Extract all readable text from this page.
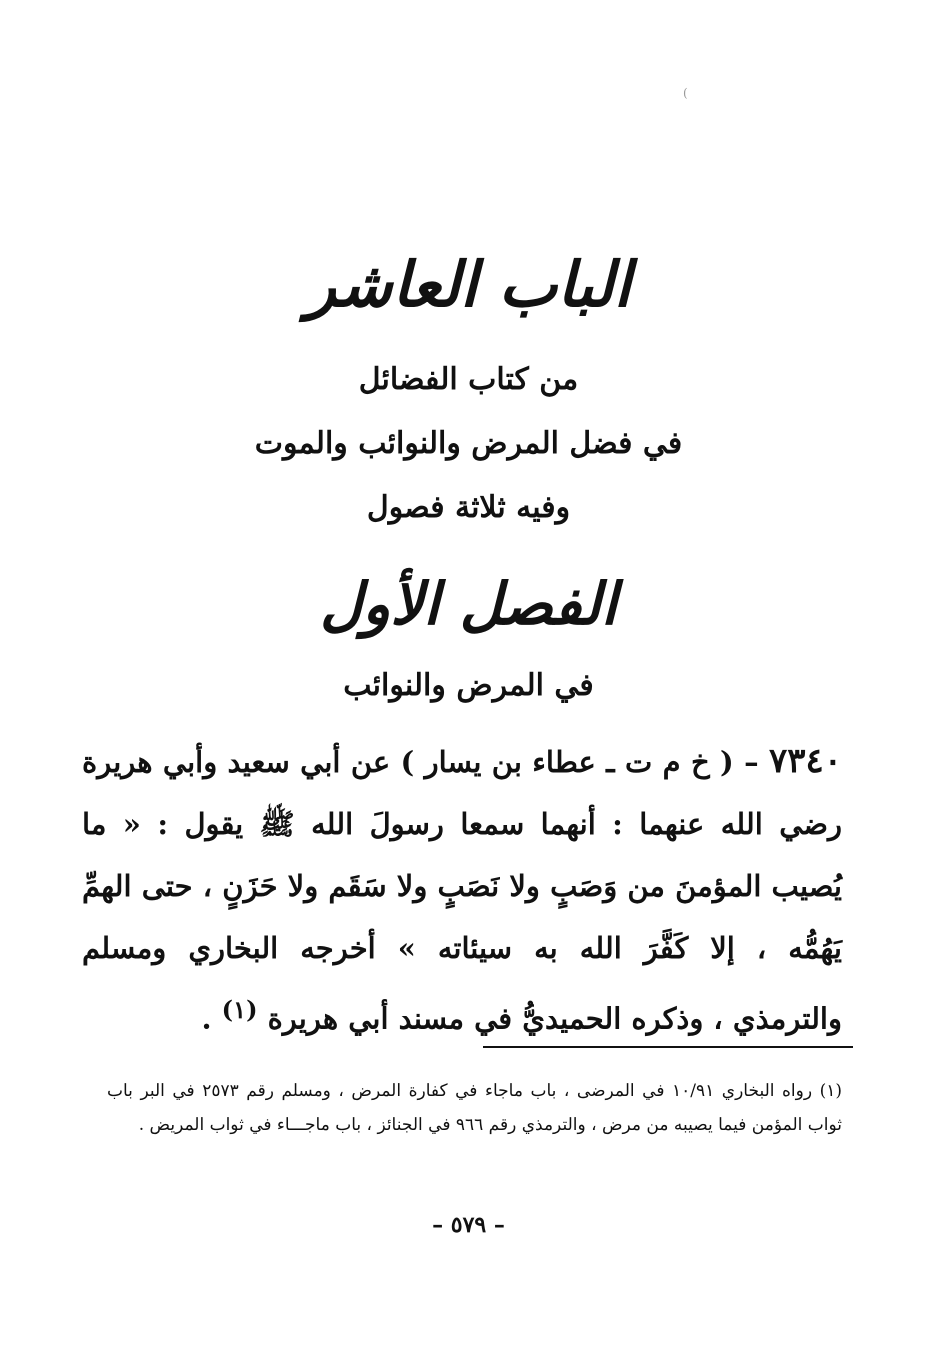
)
الباب العاشر
من كتاب الفضائل
في فضل المرض والنوائب والموت
وفيه ثلاثة فصول
الفصل الأول
في المرض والنوائب
٧٣٤٠ – ( خ م ت ـ عطاء بن يسار ) عن أبي سعيد وأبي هريرة رضي الله عنهما : أنهما سمعا رسولَ الله ﷺ يقول : « ما يُصيب المؤمنَ من وَصَبٍ ولا نَصَبٍ ولا سَقَم ولا حَزَنٍ ، حتى الهمِّ يَهُمُّه ، إلا كَفَّرَ الله به سيئاته » أخرجه البخاري ومسلم والترمذي ، وذكره الحميديُّ في مسند أبي هريرة $^{(١)}$ .
(١) رواه البخاري ١٠/٩١ في المرضى ، باب ماجاء في كفارة المرض ، ومسلم رقم ٢٥٧٣ في البر باب ثواب المؤمن فيما يصيبه من مرض ، والترمذي رقم ٩٦٦ في الجنائز ، باب ماجـــاء في ثواب المريض .
– ٥٧٩ –
